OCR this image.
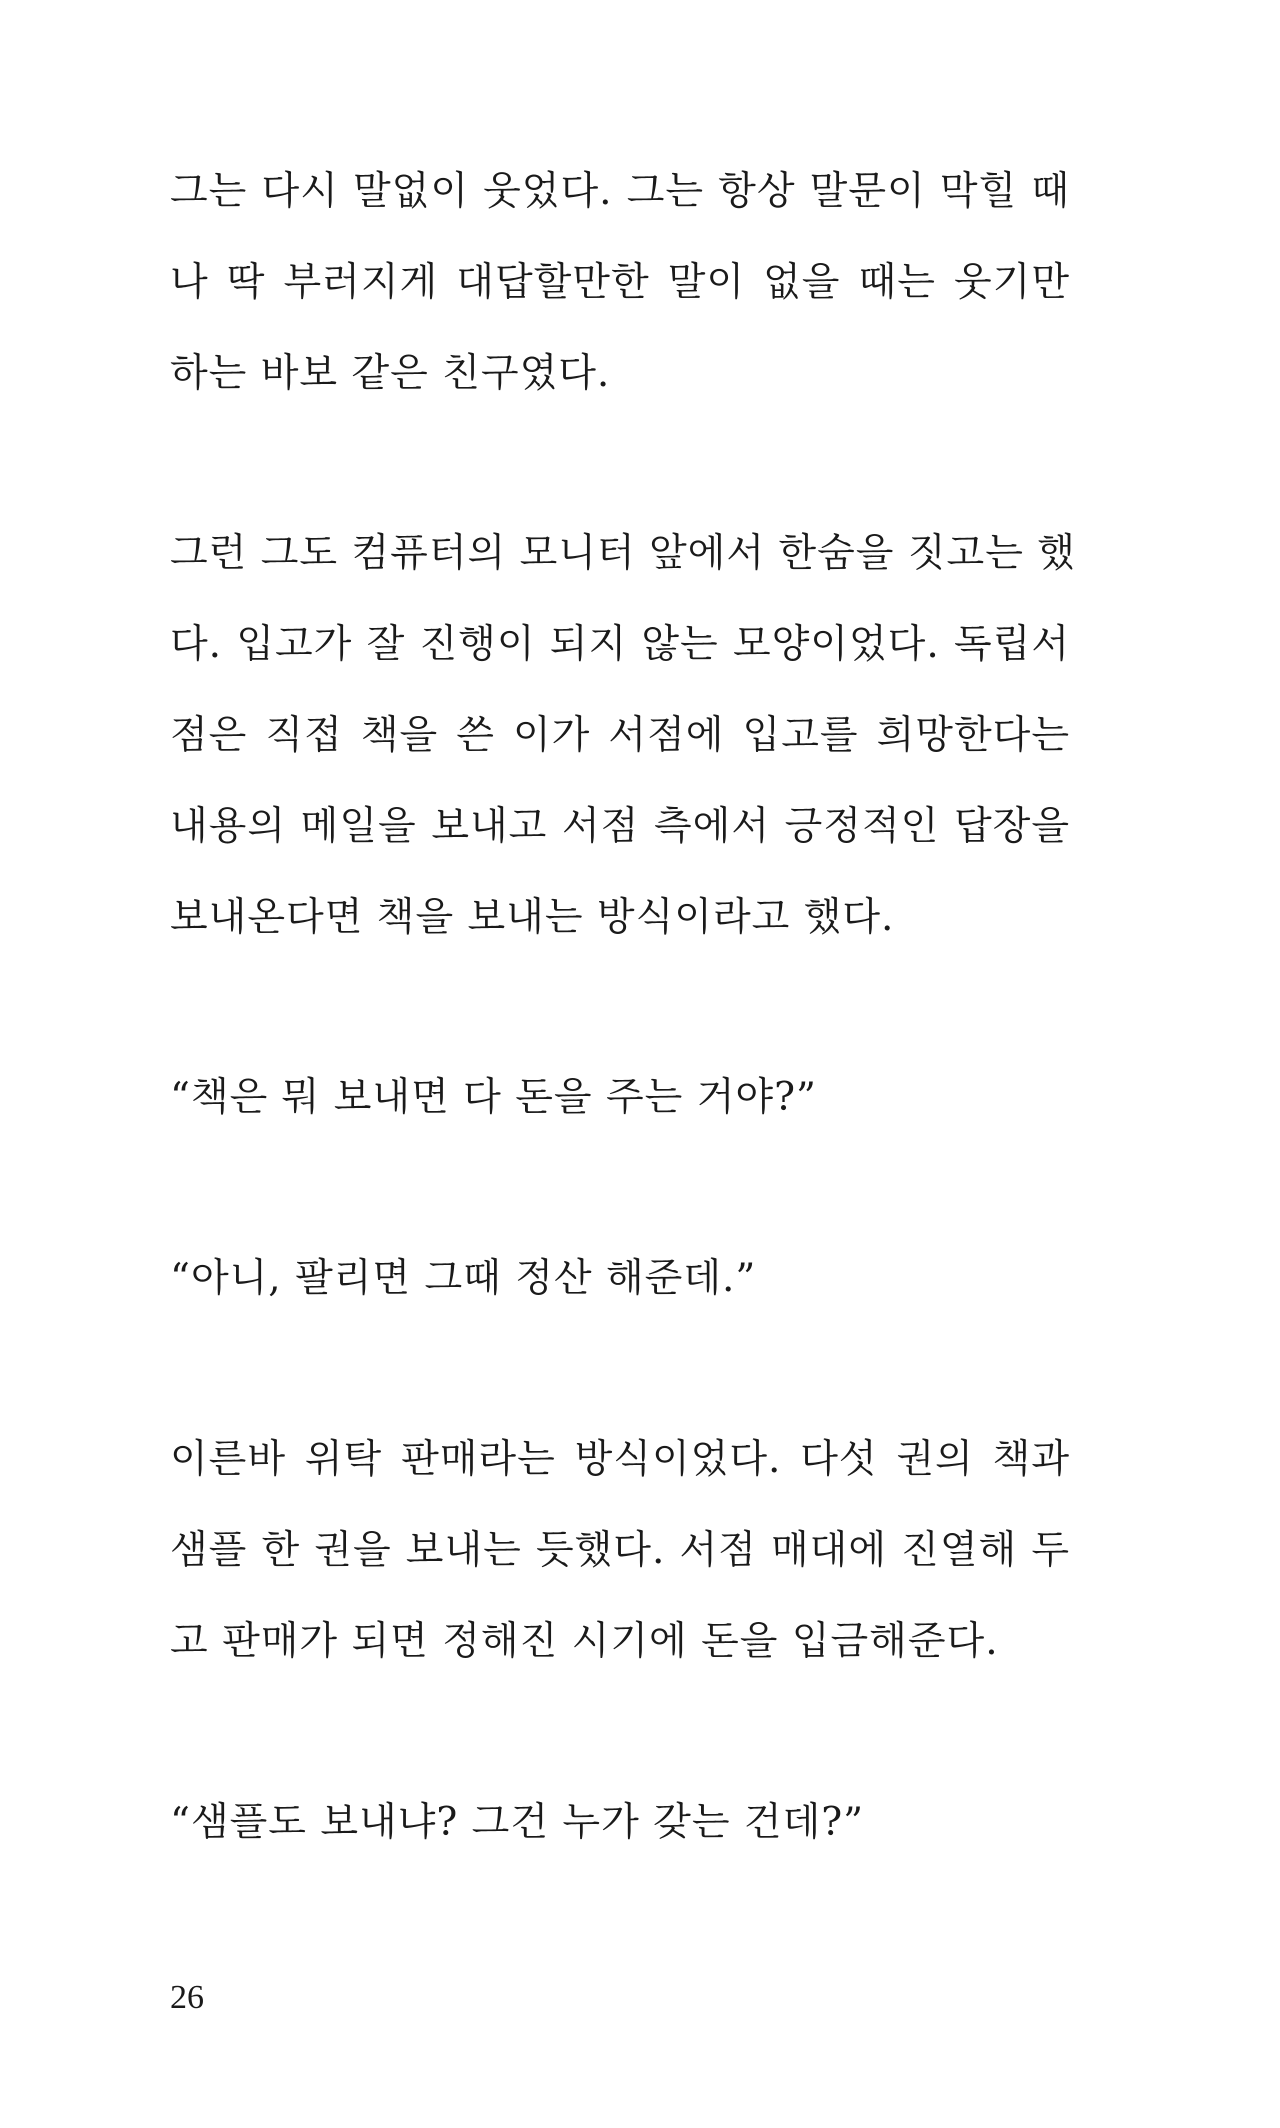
그는 다시 말없이 웃었다. 그는 항상 말문이 막힐 때
나 딱 부러지게 대답할만한 말이 없을 때는 웃기만
하는 바보 같은 친구였다.

그런 그도 컴퓨터의 모니터 앞에서 한숨을 짓고는 했
다. 입고가 잘 진행이 되지 않는 모양이었다. 독립서
점은 직접 책을 쓴 이가 서점에 입고를 희망한다는
내용의 메일을 보내고 서점 측에서 긍정적인 답장을
보내온다면 책을 보내는 방식이라고 했다.

“책은 뭐 보내면 다 돈을 주는 거야?”

“아니, 팔리면 그때 정산 해준데.”

이른바 위탁 판매라는 방식이었다. 다섯 권의 책과
샘플 한 권을 보내는 듯했다. 서점 매대에 진열해 두
고 판매가 되면 정해진 시기에 돈을 입금해준다.

“샘플도 보내냐? 그건 누가 갖는 건데?”

26
